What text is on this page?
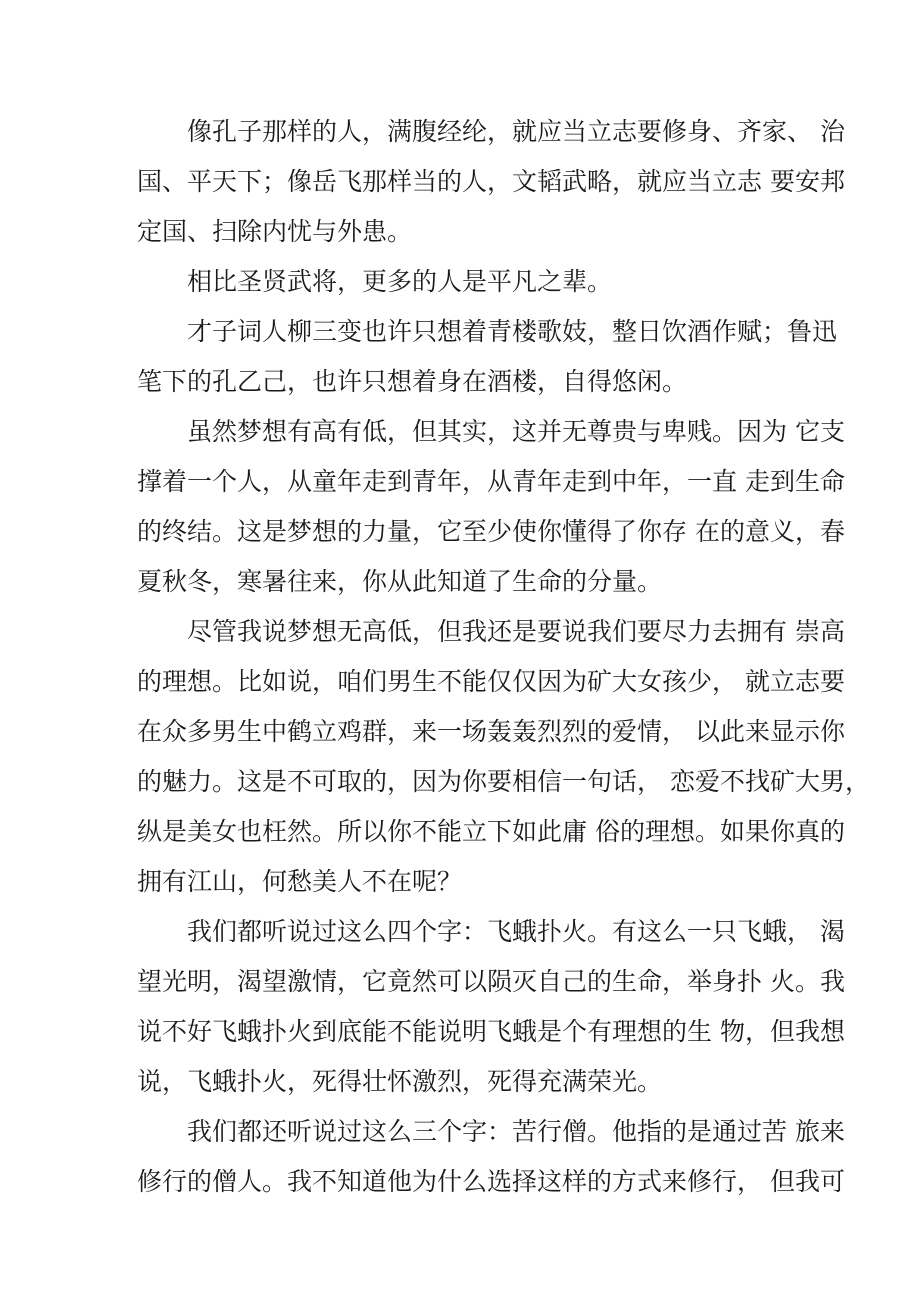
像孔子那样的人，满腹经纶，就应当立志要修身、齐家、 治
国、平天下；像岳飞那样当的人，文韬武略，就应当立志 要安邦
定国、扫除内忧与外患。
相比圣贤武将，更多的人是平凡之辈。
才子词人柳三变也许只想着青楼歌妓，整日饮酒作赋；鲁迅
笔下的孔乙己，也许只想着身在酒楼，自得悠闲。
虽然梦想有高有低，但其实，这并无尊贵与卑贱。因为 它支
撑着一个人，从童年走到青年，从青年走到中年，一直 走到生命
的终结。这是梦想的力量，它至少使你懂得了你存 在的意义，春
夏秋冬，寒暑往来，你从此知道了生命的分量。
尽管我说梦想无高低，但我还是要说我们要尽力去拥有 崇高
的理想。比如说，咱们男生不能仅仅因为矿大女孩少， 就立志要
在众多男生中鹤立鸡群，来一场轰轰烈烈的爱情， 以此来显示你
的魅力。这是不可取的，因为你要相信一句话， 恋爱不找矿大男，
纵是美女也枉然。所以你不能立下如此庸 俗的理想。如果你真的
拥有江山，何愁美人不在呢？
我们都听说过这么四个字：飞蛾扑火。有这么一只飞蛾， 渴
望光明，渴望激情，它竟然可以陨灭自己的生命，举身扑 火。我
说不好飞蛾扑火到底能不能说明飞蛾是个有理想的生 物，但我想
说，飞蛾扑火，死得壮怀激烈，死得充满荣光。
我们都还听说过这么三个字：苦行僧。他指的是通过苦 旅来
修行的僧人。我不知道他为什么选择这样的方式来修行， 但我可
